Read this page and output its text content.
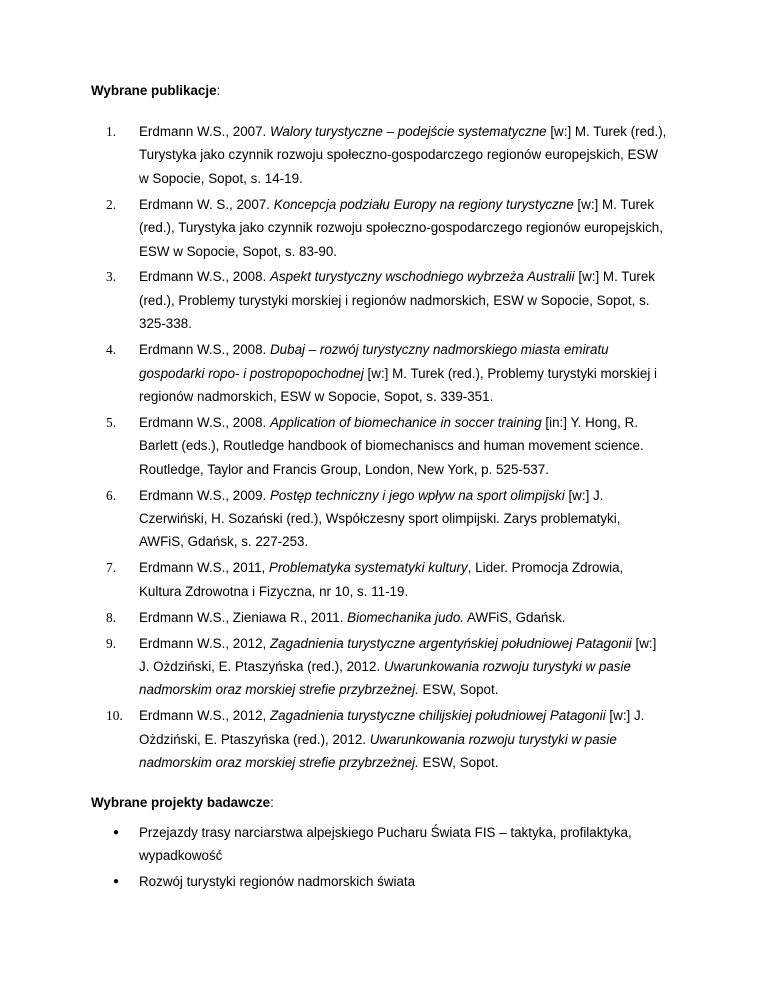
Wybrane publikacje:
1.	Erdmann W.S., 2007. Walory turystyczne – podejście systematyczne [w:] M. Turek (red.), Turystyka jako czynnik rozwoju społeczno-gospodarczego regionów europejskich, ESW w Sopocie, Sopot, s. 14-19.
2.	Erdmann W. S., 2007. Koncepcja podziału Europy na regiony turystyczne [w:] M. Turek (red.), Turystyka jako czynnik rozwoju społeczno-gospodarczego regionów europejskich, ESW w Sopocie, Sopot, s. 83-90.
3.	Erdmann W.S., 2008. Aspekt turystyczny wschodniego wybrzeża Australii [w:] M. Turek (red.), Problemy turystyki morskiej i regionów nadmorskich, ESW w Sopocie, Sopot, s. 325-338.
4.	Erdmann W.S., 2008. Dubaj – rozwój turystyczny nadmorskiego miasta emiratu gospodarki ropo- i postropopochodnej [w:] M. Turek (red.), Problemy turystyki morskiej i regionów nadmorskich, ESW w Sopocie, Sopot, s. 339-351.
5.	Erdmann W.S., 2008. Application of biomechanice in soccer training [in:] Y. Hong, R. Barlett (eds.), Routledge handbook of biomechaniscs and human movement science. Routledge, Taylor and Francis Group, London, New York, p. 525-537.
6.	Erdmann W.S., 2009. Postęp techniczny i jego wpływ na sport olimpijski [w:] J. Czerwiński, H. Sozański (red.), Współczesny sport olimpijski. Zarys problematyki, AWFiS, Gdańsk, s. 227-253.
7.	Erdmann W.S., 2011, Problematyka systematyki kultury, Lider. Promocja Zdrowia, Kultura Zdrowotna i Fizyczna, nr 10, s. 11-19.
8.	Erdmann W.S., Zieniawa R., 2011. Biomechanika judo. AWFiS, Gdańsk.
9.	Erdmann W.S., 2012, Zagadnienia turystyczne argentyńskiej południowej Patagonii [w:] J. Ożdziński, E. Ptaszyńska (red.), 2012. Uwarunkowania rozwoju turystyki w pasie nadmorskim oraz morskiej strefie przybrzeżnej. ESW, Sopot.
10.	Erdmann W.S., 2012, Zagadnienia turystyczne chilijskiej południowej Patagonii [w:] J. Ożdziński, E. Ptaszyńska (red.), 2012. Uwarunkowania rozwoju turystyki w pasie nadmorskim oraz morskiej strefie przybrzeżnej. ESW, Sopot.
Wybrane projekty badawcze:
● Przejazdy trasy narciarstwa alpejskiego Pucharu Świata FIS – taktyka, profilaktyka, wypadkowość
● Rozwój turystyki regionów nadmorskich świata
